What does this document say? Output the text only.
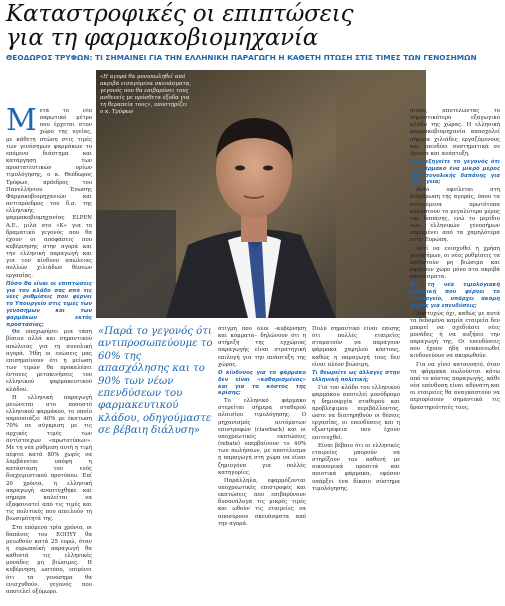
Καταστροφικές οι επιπτώσεις
για τη φαρμακοβιομηχανία
ΘΕΟΔΩΡΟΣ ΤΡΥΦΩΝ: ΤΙ ΣΗΜΑΙΝΕΙ ΓΙΑ ΤΗΝ ΕΛΛΗΝΙΚΗ ΠΑΡΑΓΩΓΗ Η ΚΑΘΕΤΗ ΠΤΩΣΗ ΣΤΙΣ ΤΙΜΕΣ ΤΩΝ ΓΕΝΟΣΗΜΩΝ

Μετά το νέο σαρωτικό μέτρο που έρχεται στον χώρο της υγείας, με κάθετη πτώση στις τιμές των γενόσημων φαρμάκων το επόμενο διάστημα και κατάργηση των προστατευτικών ορίων τιμολόγησης, ο κ. Θεόδωρος Τρύφων, πρόεδρος του Πανελλήνιου Ένωσης Φαρμακοβιομηχανιών και αντιπρόεδρος του δ.σ. της ελληνικής φαρμακοβιομηχανίας ELPEN A.E., μιλά στο «Κ» για το δραματικό γεγονός που θα έχουν οι αποφάσεις που κυβέρνησης στην αγορά και την ελληνική παραγωγή και για τον κίνδυνο απώλειας πολλών χιλιάδων θέσεων εργασίας.

Πόσο θα είναι οι επιπτώσεις για τον κλάδο σας από τις νέες ρυθμίσεις που φέρνει το Υπουργείο στις τιμές των γενόσημων και των φαρμάκων εκτός προστασίας;

Θα υποχωρήσει μια τάση βίαιου αλλά και σημαντικού απώλειας για τη συνολική αγορά. Ήδη οι ενώσεις μας επισημαίνουν ότι η μείωση των τιμών θα προκαλέσει έντονες μετακινήσεις του ελληνικού φαρμακευτικού κλάδου.

Η ελληνική παραγωγή μειώνεται στο ποσοστό ελληνικού φαρμάκου, το οποίο παρουσιάζει 40% με έκπτωση 70% σε σύγκριση με τις αρχικές τιμές των αντίστοιχων «πρωτοτύπων». Με τη νέα ρύθμιση αυτή η τιμή πέφτει κατά 80% χωρίς να λαμβάνεται υπόψη η κατάσταση του ενός διαχειριστικού προτύπου. Επί 20 χρόνια, η ελληνική παραγωγή αναπτύχθηκε και σήμερα καλείται να εξαφανιστεί από τις τιμές και τις πολιτικές που απειλούν τη βιωσιμότητά της.

Στα επόμενα τρία χρόνια, οι δαπάνες του ΕΟΠΥΥ θα μειωθούν κατά 25 ευρώ, όταν η ευρωπαϊκή παραγωγή θα καθιστά τις ελληνικές μονάδες μη βιώσιμες. Η κυβέρνηση, ωστόσο, επιμένει ότι τα γενόσημα θα ενισχυθούν, γεγονός που αποτελεί οξύμωρο.

«Η αγορά θα μονοπωληθεί από ακριβά εισαγόμενα σκευάσματα, γεγονός που θα επιβαρύνει τους ασθενείς με πρόσθετα έξοδα για τη θεραπεία τους», υποστηρίζει ο κ. Τρύφων
«Παρά το γεγονός ότι αντιπροσωπεύουμε το 60% της απασχόλησης και το 90% των νέων επενδύσεων του φαρμακευτικού κλάδου, οδηγούμαστε σε βέβαιη διάλυση»

στιγμή που όλοι –κυβέρνηση και κόμματα– δηλώνουν ότι η στήριξη της εγχώριας παραγωγής είναι στρατηγική επιλογή για την ανάπτυξη της χώρας.

Ο κίνδυνος για το φάρμακο δεν είναι «καθαρισμένος» και για το κόστος της κρίσης;

Το ελληνικό φάρμακο στερείται σήμερα σταθερού πλαισίου τιμολόγησης. Ο μηχανισμός αυτόματων επιστροφών (clawback) και οι υποχρεωτικές εκπτώσεις (rebate) υπερβαίνουν το 40% των πωλήσεων, με αποτέλεσμα η παραγωγή στη χώρα να είναι ζημιογόνα για πολλές κατηγορίες.

Παράλληλα, εφαρμόζονται υποχρεωτικές επιστροφές και εκπτώσεις που επιβαρύνουν δυσανάλογα τις μικρές τιμές και ωθούν τις εταιρείες να αποσύρουν σκευάσματα από την αγορά.

Πολύ σημαντικό είναι επίσης ότι πολλές εταιρείες σταματούν να παράγουν φάρμακα χαμηλού κόστους, καθώς η παραγωγή τους δεν είναι πλέον βιώσιμη.

Τι θεωρείτε ως άλλαγές στην ελληνική πολιτική;

Για τον κλάδο του ελληνικού φαρμάκου αποτελεί μονόδρομο η δημιουργία σταθερού και προβλέψιμου περιβάλλοντος, ώστε να διατηρηθούν οι θέσεις εργασίας, οι επενδύσεις και η εξωστρέφεια που έχουν επιτευχθεί.

Είναι βέβαιο ότι οι ελληνικές εταιρείες μπορούν να στηρίξουν τον ασθενή με οικονομικά προσιτά και ποιοτικά φάρμακα, εφόσον υπάρξει ένα δίκαιο σύστημα τιμολόγησης.

σιακό, αποτελώντας το σημαντικότερο εξαγωγικό κλάδο της χώρας. Η ελληνική φαρμακοβιομηχανία απασχολεί σήμερα χιλιάδες εργαζόμενους και επενδύει συστηματικά σε έρευνα και ανάπτυξη.

Πώς εξηγείτε το γεγονός ότι το φάρμακο ένα μικρό μέρος της συνολικής δαπάνης για την υγεία;

Αυτό οφείλεται στη διάρθρωση της αγοράς, όπου τα εισαγόμενα πρωτότυπα καλύπτουν το μεγαλύτερο μέρος της δαπάνης, ενώ το μερίδιο των ελληνικών γενοσήμων παραμένει από τα χαμηλότερα στην Ευρώπη.

Αντί να ενισχυθεί η χρήση γενοσήμων, οι νέες ρυθμίσεις τα καθιστούν μη βιώσιμα και αφήνουν χώρο μόνο στα ακριβά σκευάσματα.

Με τη νέα τιμολογιακή πολιτική που φέρνει το Υπουργείο, υπάρχει ακόμη χώρος για επενδύσεις;

Δυστυχώς όχι, καθώς με αυτά τα δεδομένα καμία εταιρεία δεν μπορεί να σχεδιάσει νέες μονάδες ή να αυξήσει την παραγωγή της. Οι επενδύσεις που έχουν ήδη ανακοινωθεί κινδυνεύουν να ακυρωθούν.

Για να γίνει κατανοητό, όταν τα φάρμακα πωλούνται κάτω από το κόστος παραγωγής, κάθε νέα επένδυση είναι αδύνατη και οι εταιρείες θα αναγκαστούν να περιορίσουν σημαντικά τις δραστηριότητές τους.
